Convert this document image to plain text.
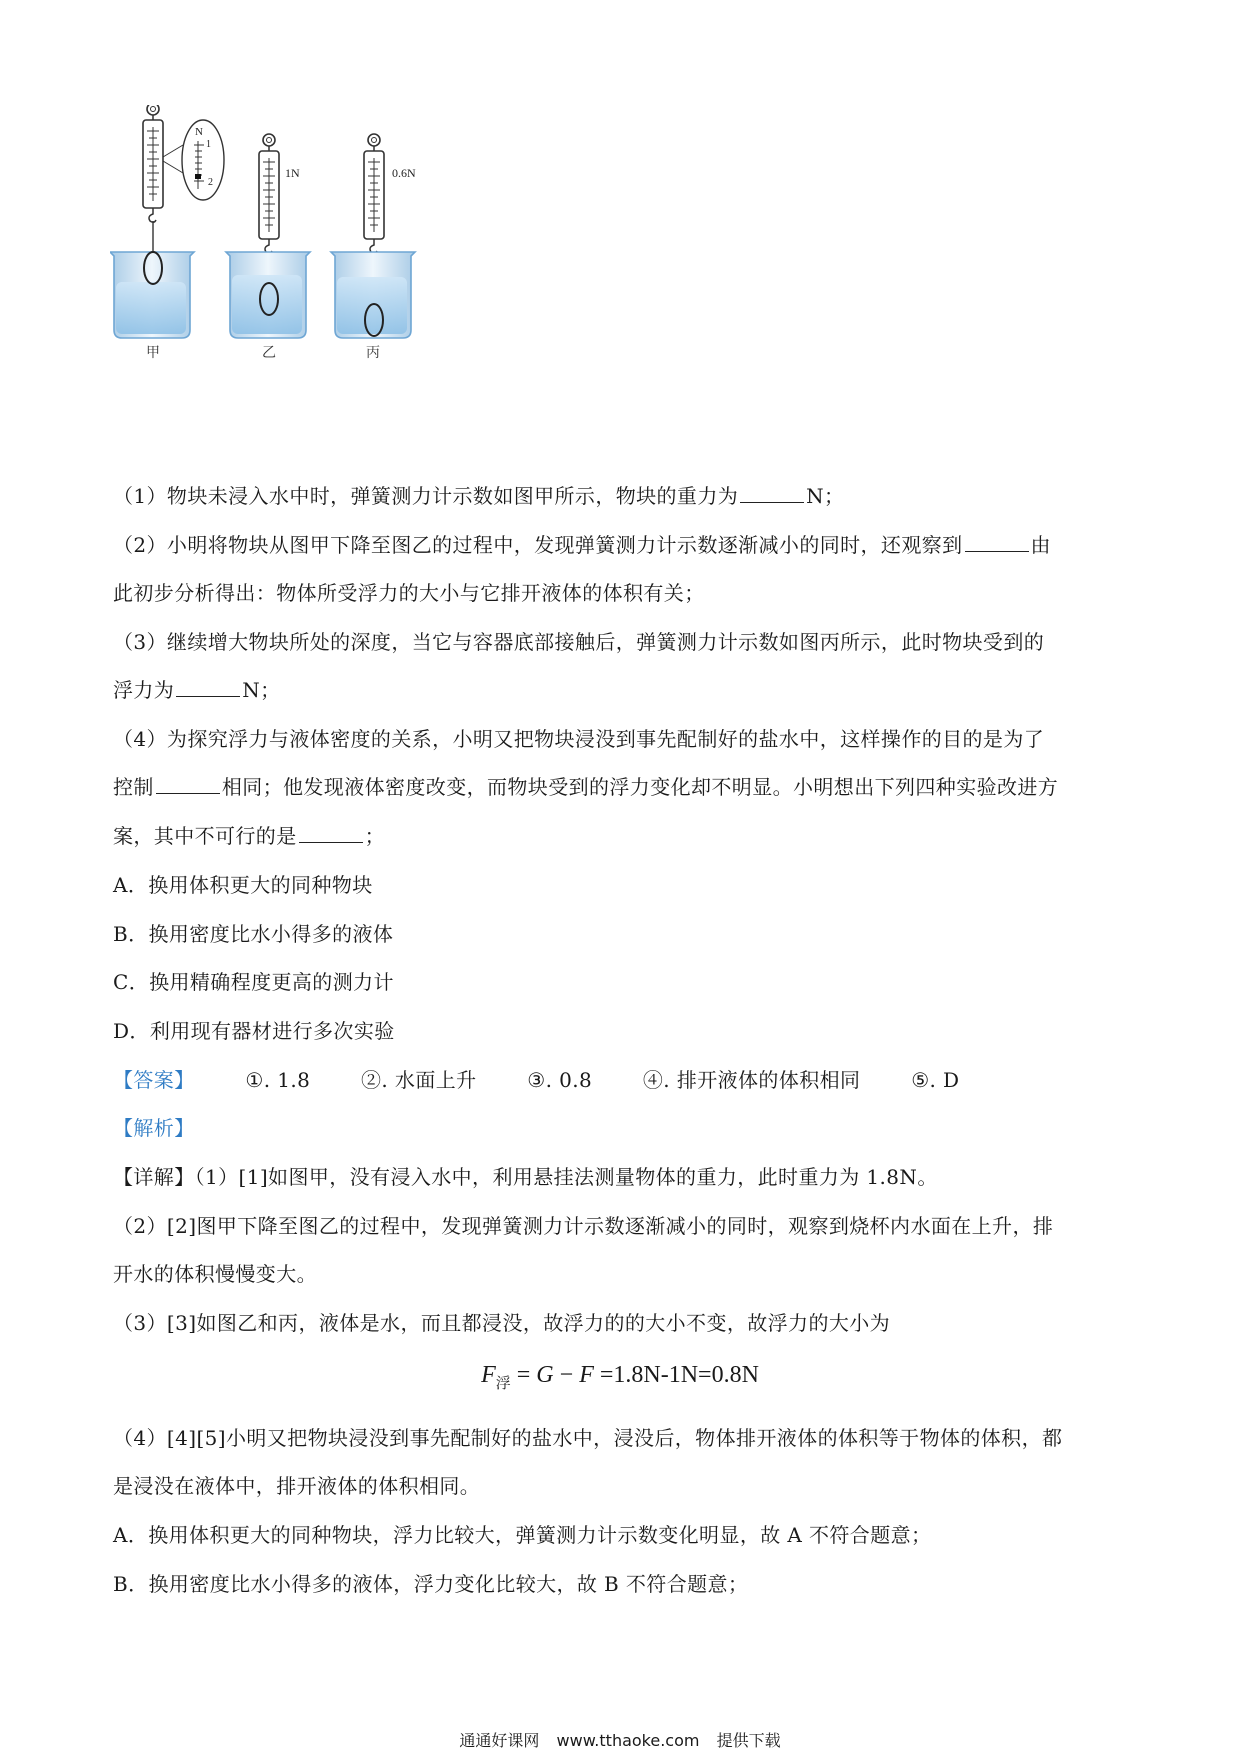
N
1
2
1N	0.6N
甲	乙	丙
（1）物块未浸入水中时，弹簧测力计示数如图甲所示，物块的重力为	N；
（2）小明将物块从图甲下降至图乙的过程中，发现弹簧测力计示数逐渐减小的同时，还观察到	由
此初步分析得出：物体所受浮力的大小与它排开液体的体积有关；
（3）继续增大物块所处的深度，当它与容器底部接触后，弹簧测力计示数如图丙所示，此时物块受到的
浮力为	N；
（4）为探究浮力与液体密度的关系，小明又把物块浸没到事先配制好的盐水中，这样操作的目的是为了
控制	相同；他发现液体密度改变，而物块受到的浮力变化却不明显。小明想出下列四种实验改进方
案，其中不可行的是	；
A．换用体积更大的同种物块
B．换用密度比水小得多的液体
C．换用精确程度更高的测力计
D．利用现有器材进行多次实验
【答案】	①. 1.8	②. 水面上升	③. 0.8	④. 排开液体的体积相同	⑤. D
【解析】
【详解】（1）[1]如图甲，没有浸入水中，利用悬挂法测量物体的重力，此时重力为 1.8N。
（2）[2]图甲下降至图乙的过程中，发现弹簧测力计示数逐渐减小的同时，观察到烧杯内水面在上升，排
开水的体积慢慢变大。
（3）[3]如图乙和丙，液体是水，而且都浸没，故浮力的的大小不变，故浮力的大小为
$F_浮 = G - F =1.8N-1N=0.8N$
（4）[4][5]小明又把物块浸没到事先配制好的盐水中，浸没后，物体排开液体的体积等于物体的体积，都
是浸没在液体中，排开液体的体积相同。
A．换用体积更大的同种物块，浮力比较大，弹簧测力计示数变化明显，故 A 不符合题意；
B．换用密度比水小得多的液体，浮力变化比较大，故 B 不符合题意；
通通好课网 www.tthaoke.com 提供下载
